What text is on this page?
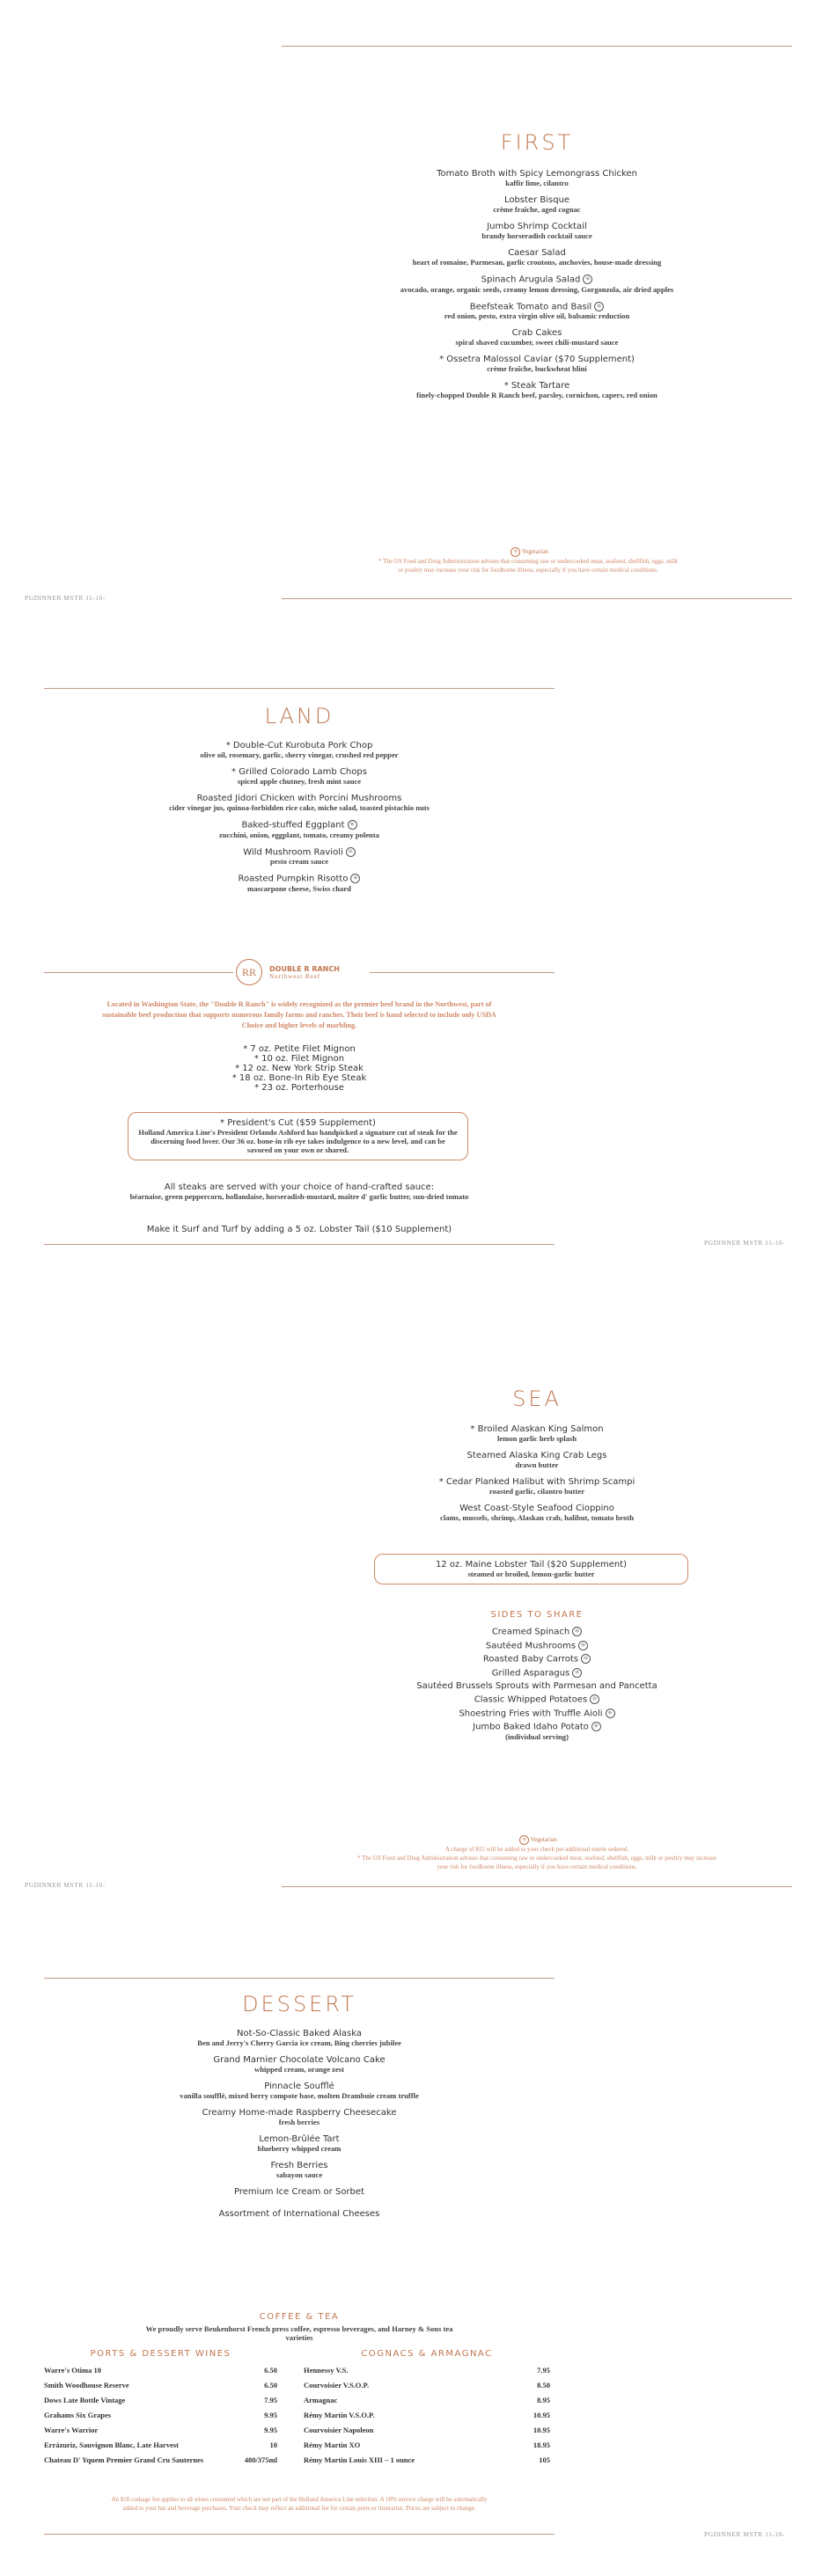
FIRST
Tomato Broth with Spicy Lemongrass Chicken
kaffir lime, cilantro
Lobster Bisque
crème fraîche, aged cognac
Jumbo Shrimp Cocktail
brandy horseradish cocktail sauce
Caesar Salad
heart of romaine, Parmesan, garlic croutons, anchovies, house-made dressing
Spinach Arugula Salad ⚛
avocado, orange, organic seeds, creamy lemon dressing, Gorgonzola, air dried apples
Beefsteak Tomato and Basil ⚛
red onion, pesto, extra virgin olive oil, balsamic reduction
Crab Cakes
spiral shaved cucumber, sweet chili-mustard sauce
* Ossetra Malossol Caviar ($70 Supplement)
crème fraîche, buckwheat blini
* Steak Tartare
finely-chopped Double R Ranch beef, parsley, cornichon, capers, red onion
⚛ Vegetarian
* The US Food and Drug Administration advises that consuming raw or undercooked meat, seafood, shellfish, eggs, milk or poultry may increase your risk for foodborne illness, especially if you have certain medical conditions.
PGDINNER MSTR 11-10-
LAND
* Double-Cut Kurobuta Pork Chop
olive oil, rosemary, garlic, sherry vinegar, crushed red pepper
* Grilled Colorado Lamb Chops
spiced apple chutney, fresh mint sauce
Roasted Jidori Chicken with Porcini Mushrooms
cider vinegar jus, quinoa-forbidden rice cake, miche salad, toasted pistachio nuts
Baked-stuffed Eggplant ⚛
zucchini, onion, eggplant, tomato, creamy polenta
Wild Mushroom Ravioli ⚛
pesto cream sauce
Roasted Pumpkin Risotto ⚛
mascarpone cheese, Swiss chard
RR DOUBLE R RANCH
Northwest Beef
Located in Washington State, the "Double R Ranch" is widely recognized as the premier beef brand in the Northwest, part of sustainable beef production that supports numerous family farms and ranches. Their beef is hand selected to include only USDA Choice and higher levels of marbling.
* 7 oz. Petite Filet Mignon
* 10 oz. Filet Mignon
* 12 oz. New York Strip Steak
* 18 oz. Bone-In Rib Eye Steak
* 23 oz. Porterhouse
* President's Cut ($59 Supplement)
Holland America Line's President Orlando Ashford has handpicked a signature cut of steak for the discerning food lover. Our 36 oz. bone-in rib eye takes indulgence to a new level, and can be savored on your own or shared.
All steaks are served with your choice of hand-crafted sauce:
béarnaise, green peppercorn, hollandaise, horseradish-mustard, maître d' garlic butter, sun-dried tomato
Make it Surf and Turf by adding a 5 oz. Lobster Tail ($10 Supplement)
PGDINNER MSTR 11-10-
SEA
* Broiled Alaskan King Salmon
lemon garlic herb splash
Steamed Alaska King Crab Legs
drawn butter
* Cedar Planked Halibut with Shrimp Scampi
roasted garlic, cilantro butter
West Coast-Style Seafood Cioppino
clams, mussels, shrimp, Alaskan crab, halibut, tomato broth
12 oz. Maine Lobster Tail ($20 Supplement)
steamed or broiled, lemon-garlic butter
SIDES TO SHARE
Creamed Spinach ⚛
Sautéed Mushrooms ⚛
Roasted Baby Carrots ⚛
Grilled Asparagus ⚛
Sautéed Brussels Sprouts with Parmesan and Pancetta
Classic Whipped Potatoes ⚛
Shoestring Fries with Truffle Aioli ⚛
Jumbo Baked Idaho Potato ⚛
(individual serving)
⚛ Vegetarian
A charge of $15 will be added to your check per additional entrée ordered.
* The US Food and Drug Administration advises that consuming raw or undercooked meat, seafood, shellfish, eggs, milk or poultry may increase your risk for foodborne illness, especially if you have certain medical conditions.
PGDINNER MSTR 11-10-
DESSERT
Not-So-Classic Baked Alaska
Ben and Jerry's Cherry Garcia ice cream, Bing cherries jubilee
Grand Marnier Chocolate Volcano Cake
whipped cream, orange zest
Pinnacle Soufflé
vanilla soufflé, mixed berry compote base, molten Drambuie cream truffle
Creamy Home-made Raspberry Cheesecake
fresh berries
Lemon-Brûlée Tart
blueberry whipped cream
Fresh Berries
sabayon sauce
Premium Ice Cream or Sorbet
Assortment of International Cheeses
COFFEE & TEA
We proudly serve Beukenhorst French press coffee, espresso beverages, and Harney & Sons tea varieties
PORTS & DESSERT WINES
Warre's Otima 10	6.50
Smith Woodhouse Reserve	6.50
Dows Late Bottle Vintage	7.95
Grahams Six Grapes	9.95
Warre's Warrior	9.95
Errázuriz, Sauvignon Blanc, Late Harvest	10
Chateau D' Yquem Premier Grand Cru Sauternes	480/375ml
COGNACS & ARMAGNAC
Hennessy V.S.	7.95
Courvoisier V.S.O.P.	8.50
Armagnac	8.95
Rémy Martin V.S.O.P.	10.95
Courvoisier Napoleon	10.95
Rémy Martin XO	18.95
Rémy Martin Louis XIII – 1 ounce	105
An $18 corkage fee applies to all wines consumed which are not part of the Holland America Line selection. A 18% service charge will be automatically added to your bar and beverage purchases. Your check may reflect an additional fee for certain ports or itineraries. Prices are subject to change.
PGDINNER MSTR 11-10-
